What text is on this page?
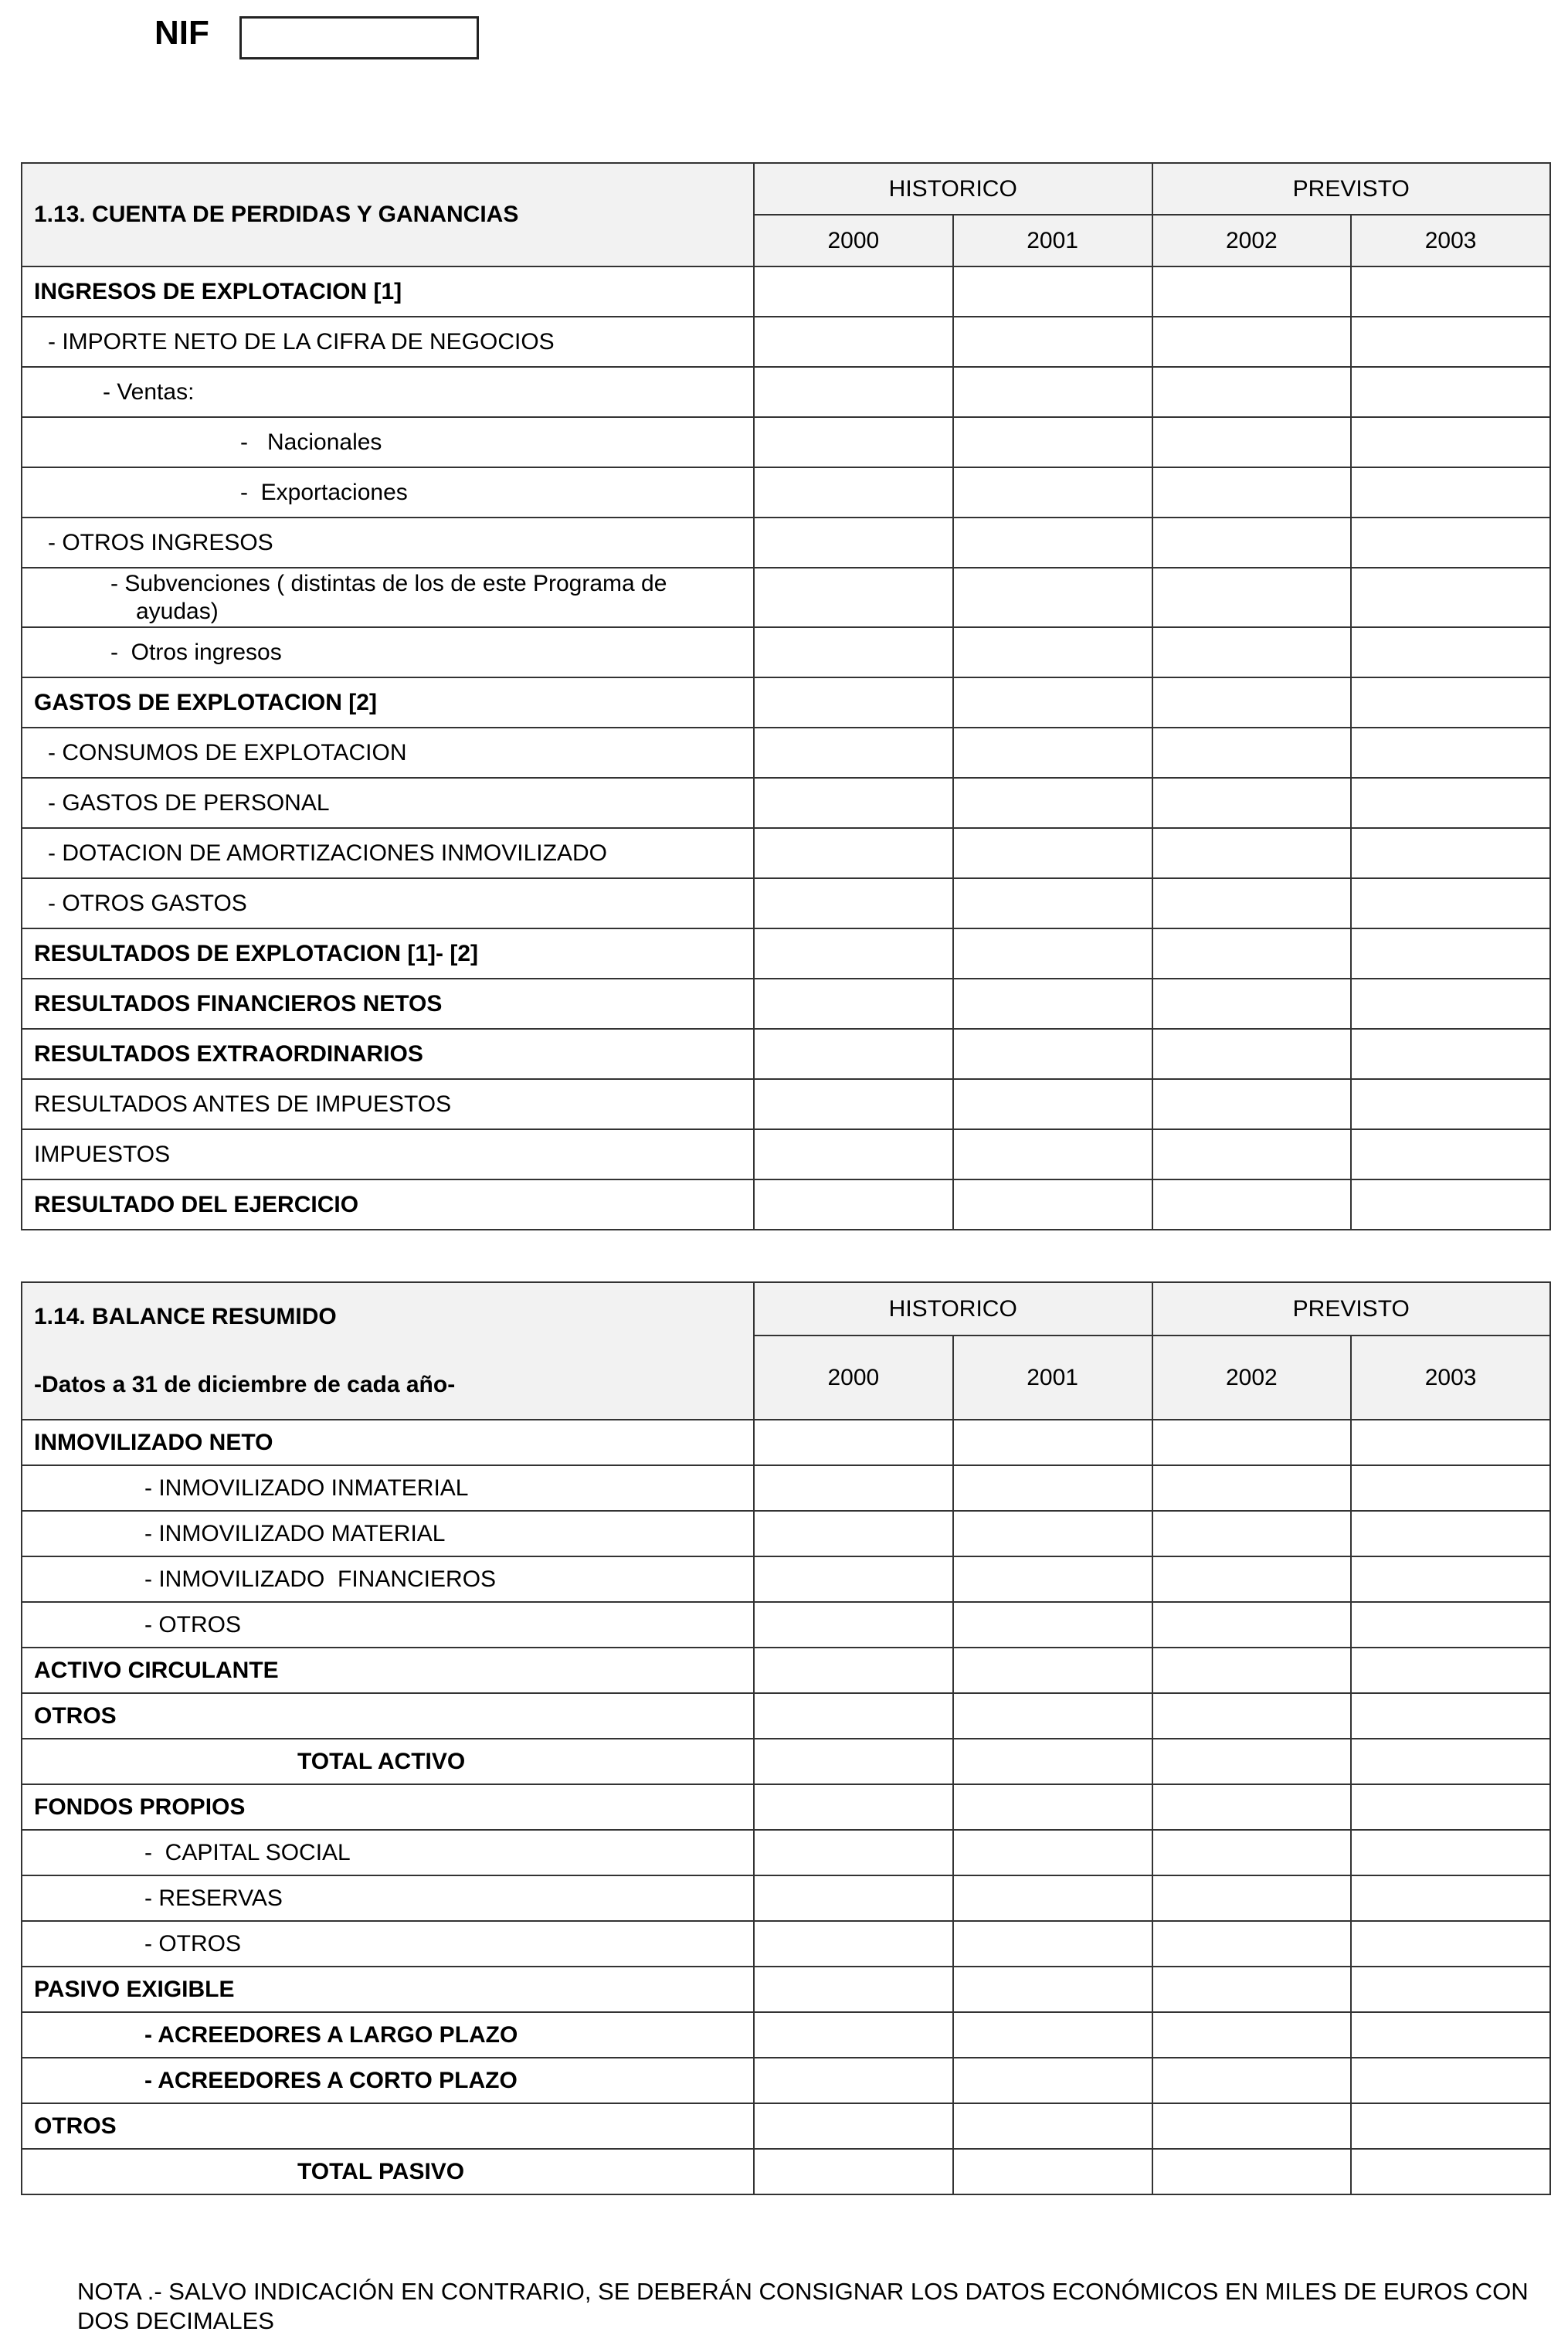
NIF
1.13. CUENTA DE PERDIDAS Y GANANCIAS	HISTORICO		PREVISTO	
	2000	2001	2002	2003
INGRESOS DE EXPLOTACION [1]				
- IMPORTE NETO DE LA CIFRA DE NEGOCIOS				
- Ventas:				
-   Nacionales				
-  Exportaciones				
- OTROS INGRESOS				
- Subvenciones ( distintas de los de este Programa de ayudas)				
-  Otros ingresos				
GASTOS DE EXPLOTACION [2]				
- CONSUMOS DE EXPLOTACION				
- GASTOS DE PERSONAL				
- DOTACION DE AMORTIZACIONES INMOVILIZADO				
- OTROS GASTOS				
RESULTADOS DE EXPLOTACION [1]- [2]				
RESULTADOS FINANCIEROS NETOS				
RESULTADOS EXTRAORDINARIOS				
RESULTADOS ANTES DE IMPUESTOS				
IMPUESTOS				
RESULTADO DEL EJERCICIO				
1.14. BALANCE RESUMIDO
-Datos a 31 de diciembre de cada año-	HISTORICO		PREVISTO	
	2000	2001	2002	2003
INMOVILIZADO NETO				
- INMOVILIZADO INMATERIAL				
- INMOVILIZADO MATERIAL				
- INMOVILIZADO  FINANCIEROS				
- OTROS				
ACTIVO CIRCULANTE				
OTROS				
TOTAL ACTIVO				
FONDOS PROPIOS				
-  CAPITAL SOCIAL				
- RESERVAS				
- OTROS				
PASIVO EXIGIBLE				
- ACREEDORES A LARGO PLAZO				
- ACREEDORES A CORTO PLAZO				
OTROS				
TOTAL PASIVO				
NOTA .- SALVO INDICACIÓN EN CONTRARIO, SE DEBERÁN CONSIGNAR LOS DATOS ECONÓMICOS EN MILES DE EUROS CON DOS DECIMALES
